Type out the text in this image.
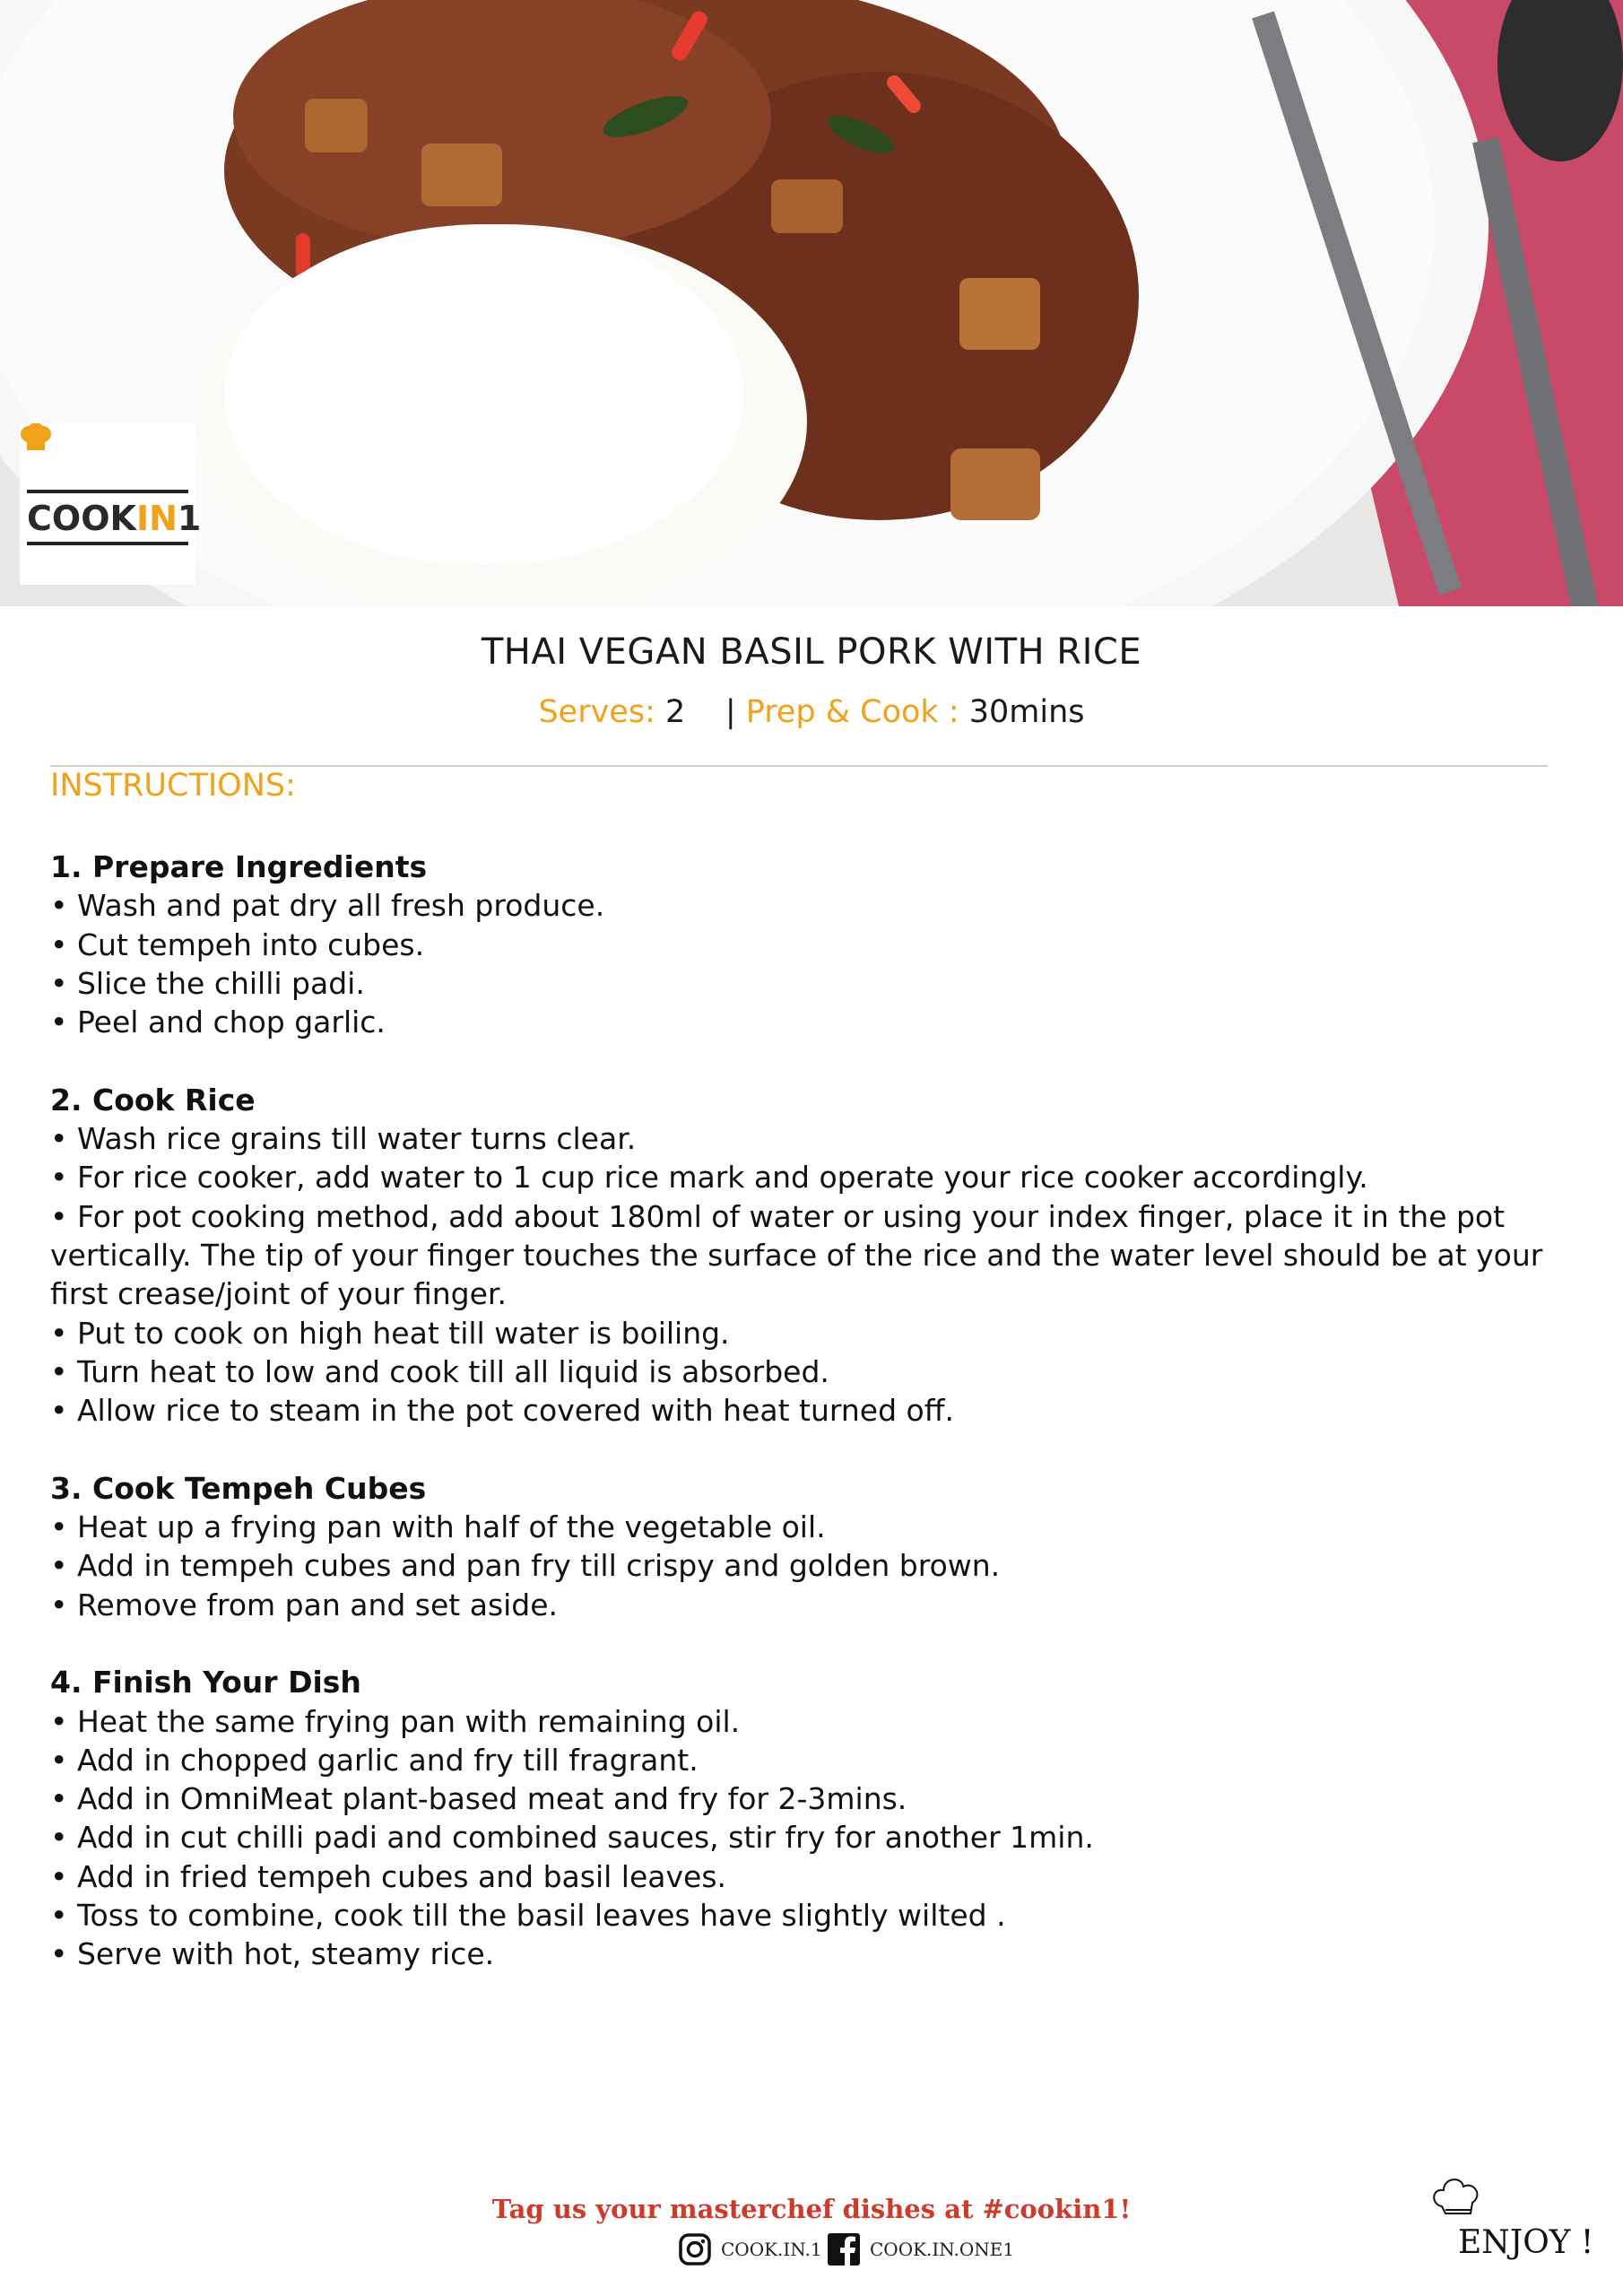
COOKIN1
THAI VEGAN BASIL PORK WITH RICE
Serves: 2 | Prep & Cook : 30mins
INSTRUCTIONS:
1. Prepare Ingredients
• Wash and pat dry all fresh produce.
• Cut tempeh into cubes.
• Slice the chilli padi.
• Peel and chop garlic.
2. Cook Rice
• Wash rice grains till water turns clear.
• For rice cooker, add water to 1 cup rice mark and operate your rice cooker accordingly.
• For pot cooking method, add about 180ml of water or using your index finger, place it in the pot vertically. The tip of your finger touches the surface of the rice and the water level should be at your first crease/joint of your finger.
• Put to cook on high heat till water is boiling.
• Turn heat to low and cook till all liquid is absorbed.
• Allow rice to steam in the pot covered with heat turned off.
3. Cook Tempeh Cubes
• Heat up a frying pan with half of the vegetable oil.
• Add in tempeh cubes and pan fry till crispy and golden brown.
• Remove from pan and set aside.
4. Finish Your Dish
• Heat the same frying pan with remaining oil.
• Add in chopped garlic and fry till fragrant.
• Add in OmniMeat plant-based meat and fry for 2-3mins.
• Add in cut chilli padi and combined sauces, stir fry for another 1min.
• Add in fried tempeh cubes and basil leaves.
• Toss to combine, cook till the basil leaves have slightly wilted .
• Serve with hot, steamy rice.
Tag us your masterchef dishes at #cookin1!
COOK.IN.1	COOK.IN.ONE1	ENJOY !
